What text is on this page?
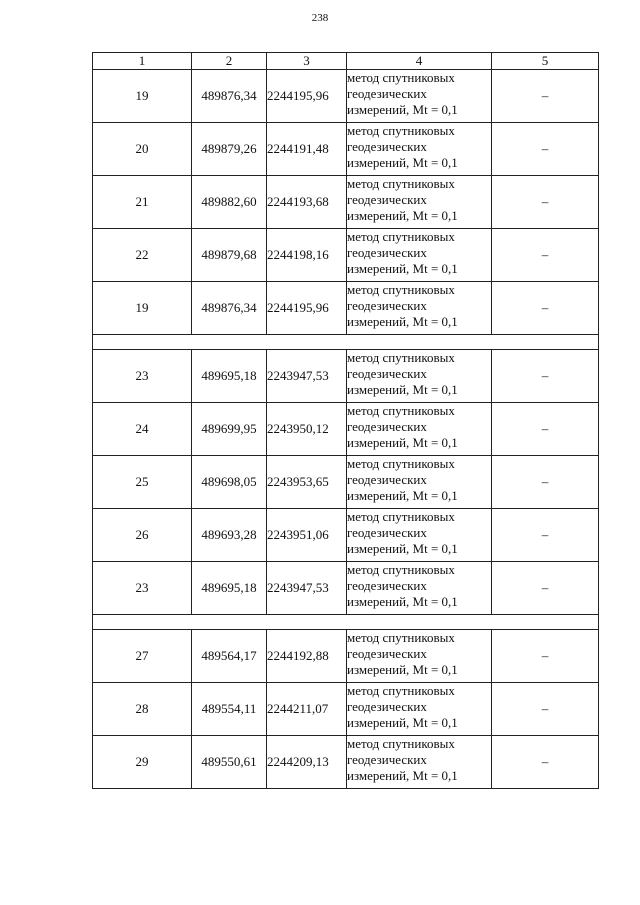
238
1	2	3	4	5
19	489876,34	2244195,96	метод спутниковых
геодезических
измерений, Mt = 0,1	–
20	489879,26	2244191,48	метод спутниковых
геодезических
измерений, Mt = 0,1	–
21	489882,60	2244193,68	метод спутниковых
геодезических
измерений, Mt = 0,1	–
22	489879,68	2244198,16	метод спутниковых
геодезических
измерений, Mt = 0,1	–
19	489876,34	2244195,96	метод спутниковых
геодезических
измерений, Mt = 0,1	–

23	489695,18	2243947,53	метод спутниковых
геодезических
измерений, Mt = 0,1	–
24	489699,95	2243950,12	метод спутниковых
геодезических
измерений, Mt = 0,1	–
25	489698,05	2243953,65	метод спутниковых
геодезических
измерений, Mt = 0,1	–
26	489693,28	2243951,06	метод спутниковых
геодезических
измерений, Mt = 0,1	–
23	489695,18	2243947,53	метод спутниковых
геодезических
измерений, Mt = 0,1	–

27	489564,17	2244192,88	метод спутниковых
геодезических
измерений, Mt = 0,1	–
28	489554,11	2244211,07	метод спутниковых
геодезических
измерений, Mt = 0,1	–
29	489550,61	2244209,13	метод спутниковых
геодезических
измерений, Mt = 0,1	–
